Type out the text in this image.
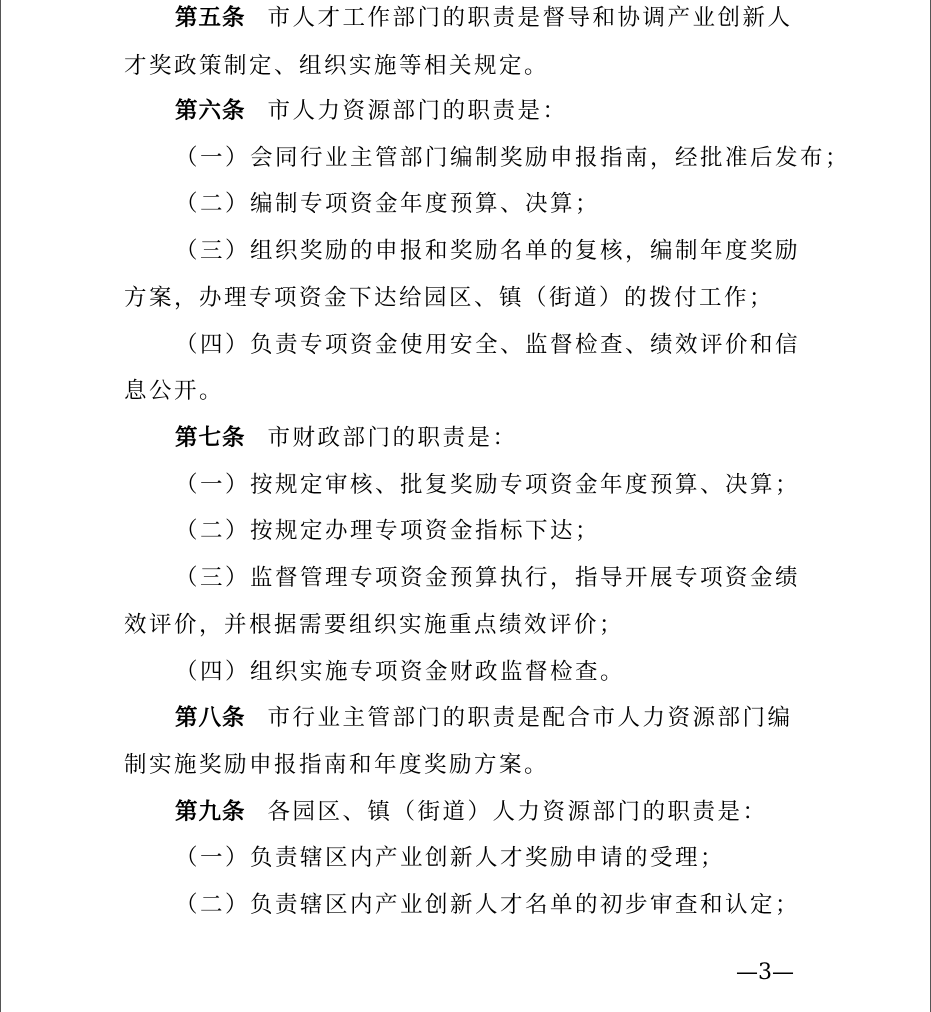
第五条 市人才工作部门的职责是督导和协调产业创新人
才奖政策制定、组织实施等相关规定。
第六条 市人力资源部门的职责是：
（一）会同行业主管部门编制奖励申报指南，经批准后发布；
（二）编制专项资金年度预算、决算；
（三）组织奖励的申报和奖励名单的复核，编制年度奖励
方案，办理专项资金下达给园区、镇（街道）的拨付工作；
（四）负责专项资金使用安全、监督检查、绩效评价和信
息公开。
第七条 市财政部门的职责是：
（一）按规定审核、批复奖励专项资金年度预算、决算；
（二）按规定办理专项资金指标下达；
（三）监督管理专项资金预算执行，指导开展专项资金绩
效评价，并根据需要组织实施重点绩效评价；
（四）组织实施专项资金财政监督检查。
第八条 市行业主管部门的职责是配合市人力资源部门编
制实施奖励申报指南和年度奖励方案。
第九条 各园区、镇（街道）人力资源部门的职责是：
（一）负责辖区内产业创新人才奖励申请的受理；
（二）负责辖区内产业创新人才名单的初步审查和认定；
—3—
